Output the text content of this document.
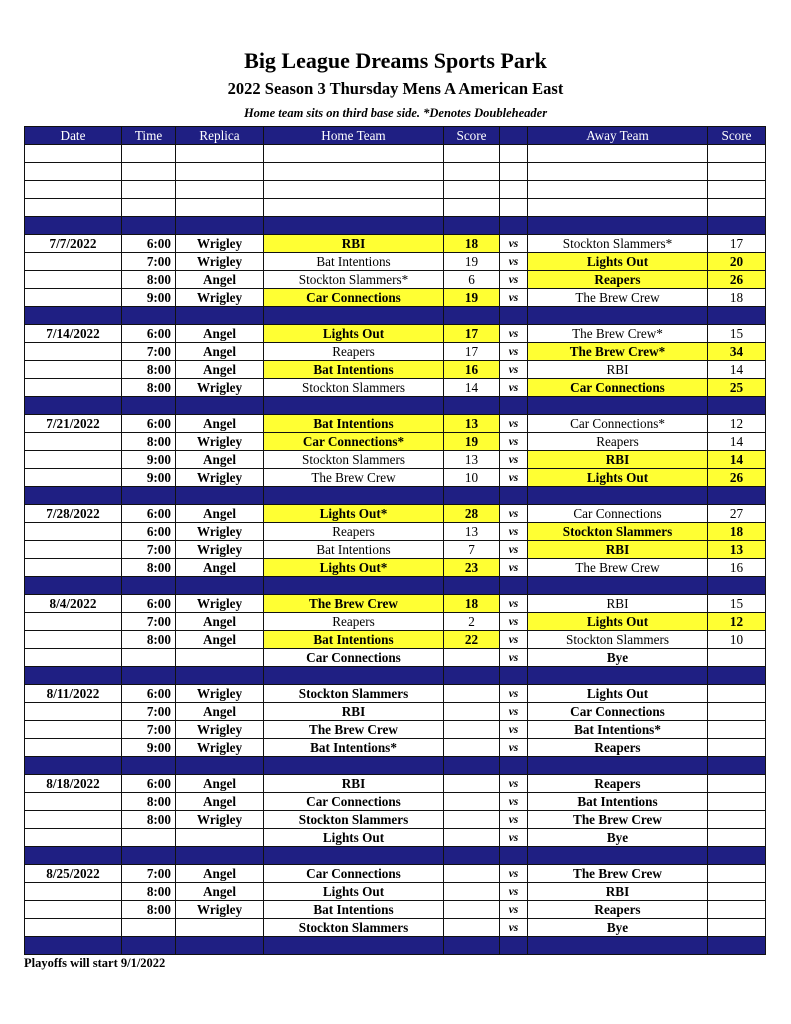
Big League Dreams Sports Park
2022 Season 3 Thursday Mens A American East
Home team sits on third base side. *Denotes Doubleheader
Date	Time	Replica	Home Team	Score		Away Team	Score

7/7/2022	6:00	Wrigley	RBI	18	vs	Stockton Slammers*	17
	7:00	Wrigley	Bat Intentions	19	vs	Lights Out	20
	8:00	Angel	Stockton Slammers*	6	vs	Reapers	26
	9:00	Wrigley	Car Connections	19	vs	The Brew Crew	18

7/14/2022	6:00	Angel	Lights Out	17	vs	The Brew Crew*	15
	7:00	Angel	Reapers	17	vs	The Brew Crew*	34
	8:00	Angel	Bat Intentions	16	vs	RBI	14
	8:00	Wrigley	Stockton Slammers	14	vs	Car Connections	25

7/21/2022	6:00	Angel	Bat Intentions	13	vs	Car Connections*	12
	8:00	Wrigley	Car Connections*	19	vs	Reapers	14
	9:00	Angel	Stockton Slammers	13	vs	RBI	14
	9:00	Wrigley	The Brew Crew	10	vs	Lights Out	26

7/28/2022	6:00	Angel	Lights Out*	28	vs	Car Connections	27
	6:00	Wrigley	Reapers	13	vs	Stockton Slammers	18
	7:00	Wrigley	Bat Intentions	7	vs	RBI	13
	8:00	Angel	Lights Out*	23	vs	The Brew Crew	16

8/4/2022	6:00	Wrigley	The Brew Crew	18	vs	RBI	15
	7:00	Angel	Reapers	2	vs	Lights Out	12
	8:00	Angel	Bat Intentions	22	vs	Stockton Slammers	10
			Car Connections		vs	Bye	

8/11/2022	6:00	Wrigley	Stockton Slammers		vs	Lights Out	
	7:00	Angel	RBI		vs	Car Connections	
	7:00	Wrigley	The Brew Crew		vs	Bat Intentions*	
	9:00	Wrigley	Bat Intentions*		vs	Reapers	

8/18/2022	6:00	Angel	RBI		vs	Reapers	
	8:00	Angel	Car Connections		vs	Bat Intentions	
	8:00	Wrigley	Stockton Slammers		vs	The Brew Crew	
			Lights Out		vs	Bye	

8/25/2022	7:00	Angel	Car Connections		vs	The Brew Crew	
	8:00	Angel	Lights Out		vs	RBI	
	8:00	Wrigley	Bat Intentions		vs	Reapers	
			Stockton Slammers		vs	Bye	

Playoffs will start 9/1/2022
